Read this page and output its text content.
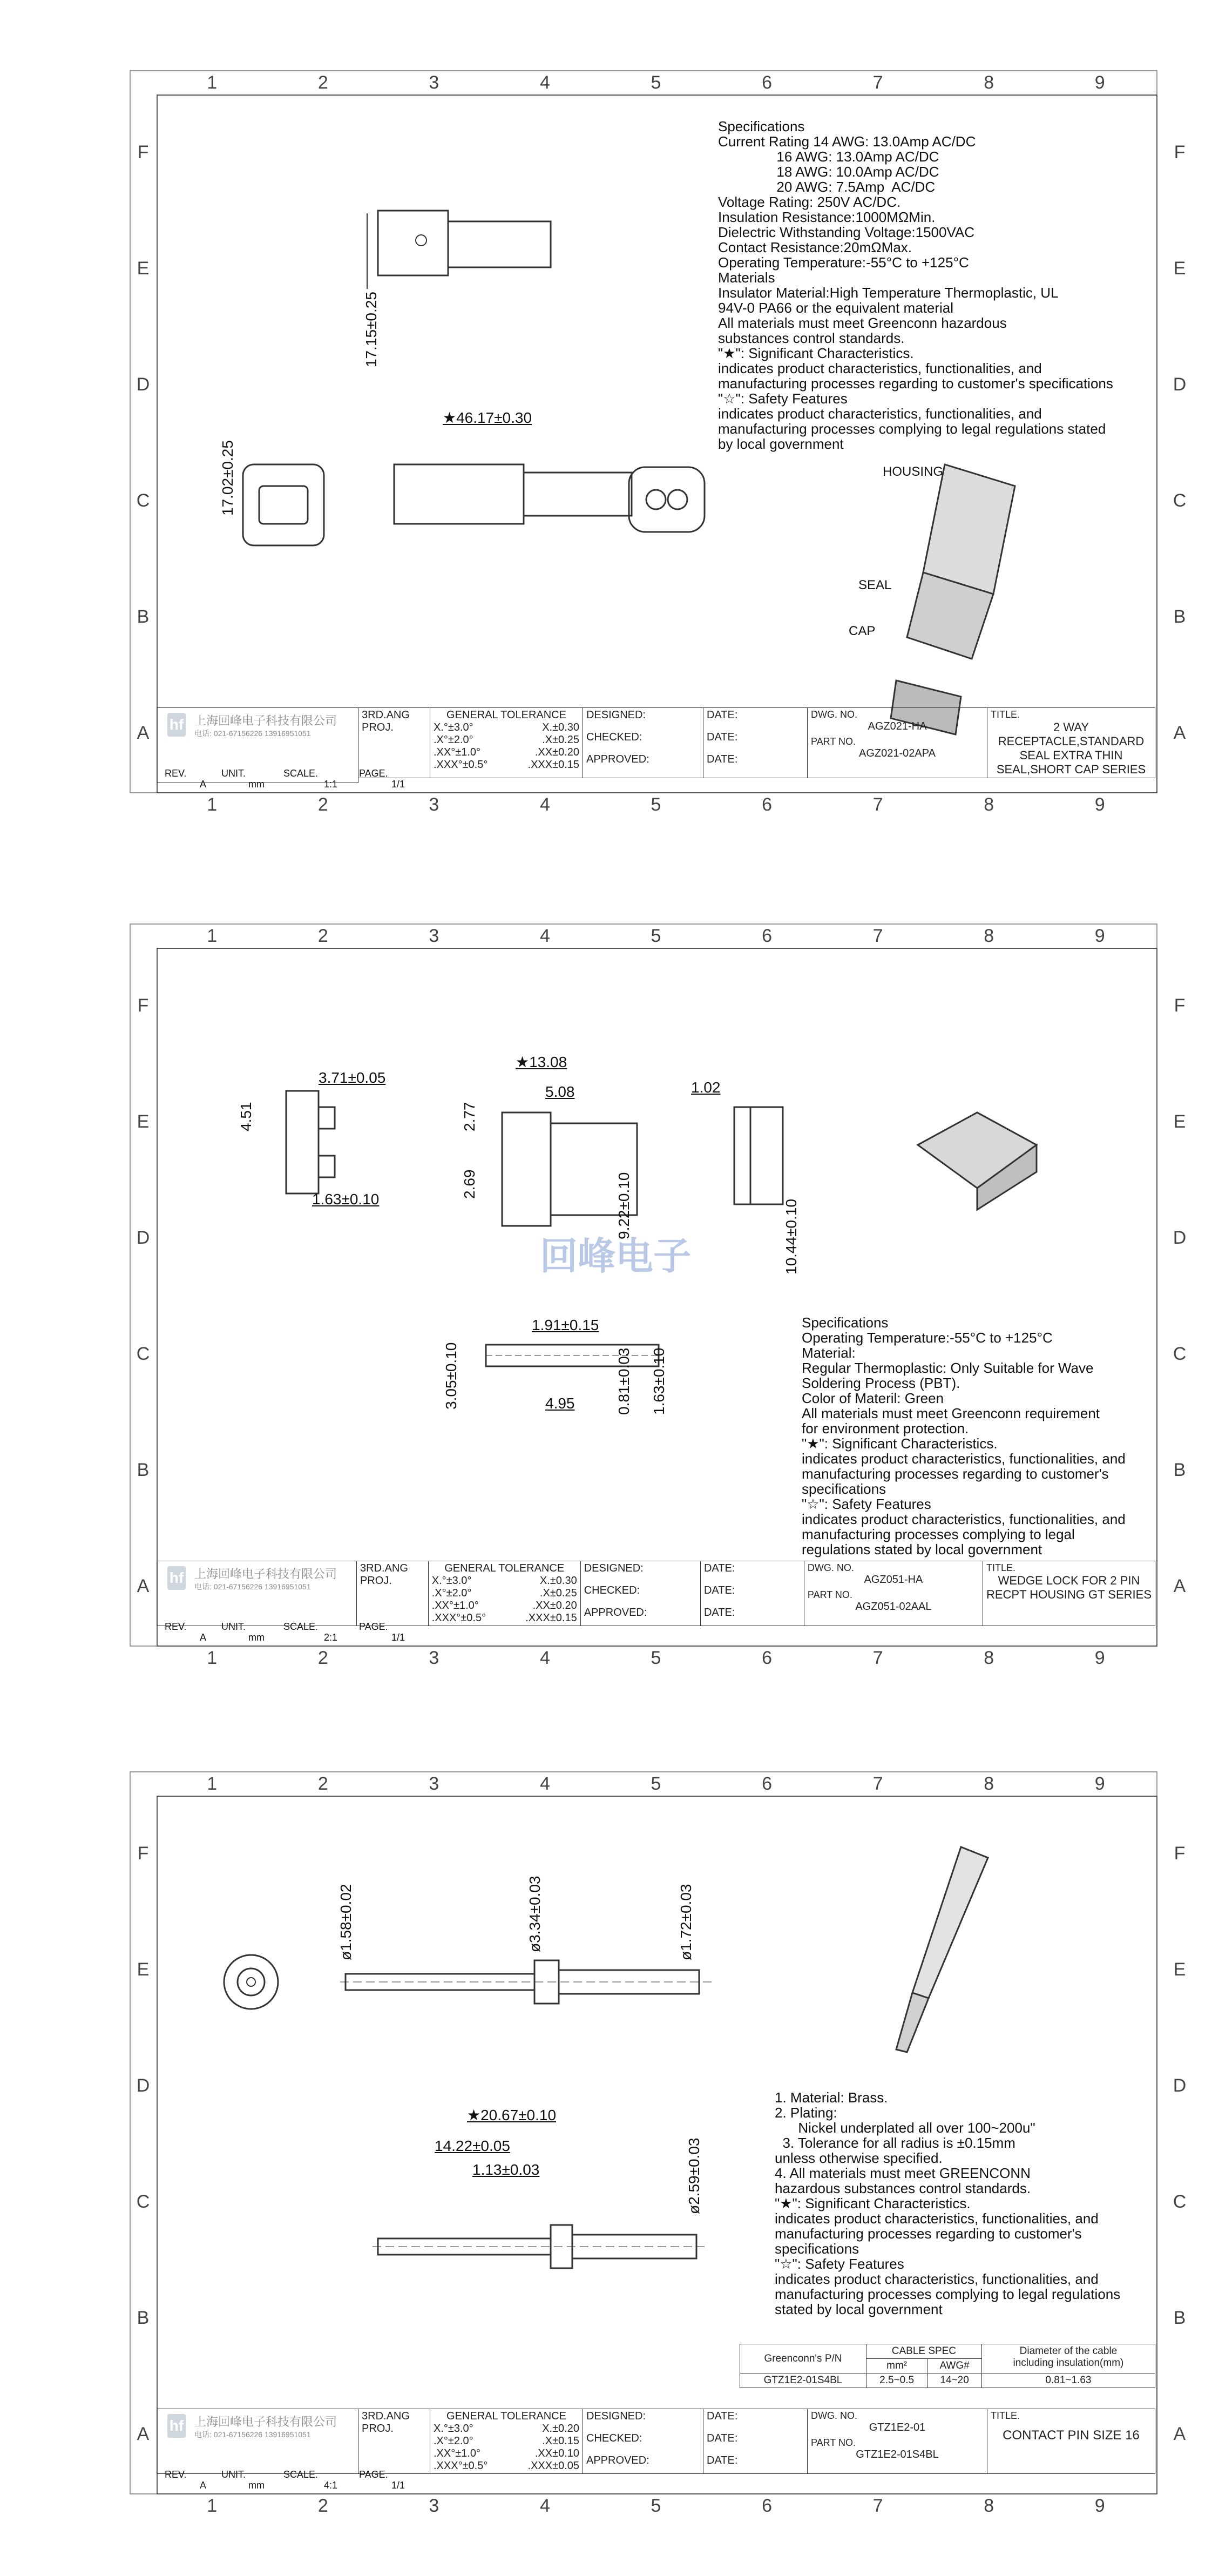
Specifications
Current Rating 14 AWG: 13.0Amp AC/DC
16 AWG: 13.0Amp AC/DC
18 AWG: 10.0Amp AC/DC
20 AWG: 7.5Amp  AC/DC
Voltage Rating: 250V AC/DC.
Insulation Resistance:1000MΩMin.
Dielectric Withstanding Voltage:1500VAC
Contact Resistance:20mΩMax.
Operating Temperature:-55°C to +125°C
Materials
Insulator Material:High Temperature Thermoplastic, UL
94V-0 PA66 or the equivalent material
All materials must meet Greenconn hazardous
substances control standards.
"★": Significant Characteristics.
indicates product characteristics, functionalities, and
manufacturing processes regarding to customer's specifications
"☆": Safety Features
indicates product characteristics, functionalities, and
manufacturing processes complying to legal regulations stated
by local government
17.15±0.25
17.02±0.25
★46.17±0.30
HOUSING
SEAL
CAP
hf 上海回峰电子科技有限公司
电话: 021-67156226 13916951051
	3RD.ANG
PROJ.	
GENERAL TOLERANCE
X.°±3.0°	X.±0.30
.X°±2.0°	.X±0.25
.XX°±1.0°	.XX±0.20
.XXX°±0.5°	.XXX±0.15

DESIGNED:
CHECKED:
APPROVED:

DATE:
DATE:
DATE:

DWG. NO.
AGZ021-HA
PART NO.
AGZ021-02APA

TITLE.
2 WAY
RECEPTACLE,STANDARD
SEAL EXTRA THIN
SEAL,SHORT CAP SERIES

REV.
A
UNIT.
mm
SCALE.
1:1
PAGE.
1/1
1
1
2
2
3
3
4
4
5
5
6
6
7
7
8
8
9
9
F	F
E	E
D	D
C	C
B	B
A	A
回峰电子
3.71±0.05
4.51
1.63±0.10
★13.08
5.08
2.77
2.69	9.22±0.10
1.02
10.44±0.10
1.91±0.15
3.05±0.10	4.95	0.81±0.03 1.63±0.10
Specifications
Operating Temperature:-55°C to +125°C
Material:
Regular Thermoplastic: Only Suitable for Wave
Soldering Process (PBT).
Color of Materil: Green
All materials must meet Greenconn requirement
for environment protection.
"★": Significant Characteristics.
indicates product characteristics, functionalities, and
manufacturing processes regarding to customer's
specifications
"☆": Safety Features
indicates product characteristics, functionalities, and
manufacturing processes complying to legal
regulations stated by local government
hf 上海回峰电子科技有限公司
电话: 021-67156226 13916951051
	3RD.ANG
PROJ.	
GENERAL TOLERANCE
X.°±3.0°	X.±0.30
.X°±2.0°	.X±0.25
.XX°±1.0°	.XX±0.20
.XXX°±0.5°	.XXX±0.15

DESIGNED:
CHECKED:
APPROVED:

DATE:
DATE:
DATE:

DWG. NO.
AGZ051-HA
PART NO.
AGZ051-02AAL

TITLE.
WEDGE LOCK FOR 2 PIN
RECPT HOUSING GT SERIES
REV.
A
UNIT.
mm
SCALE.
2:1
PAGE.
1/1
1
1
2
2
3
3
4
4
5
5
6
6
7
7
8
8
9
9
F	F
E	E
D	D
C	C
B	B
A	A
ø1.58±0.02	ø3.34±0.03	ø1.72±0.03
★20.67±0.10
14.22±0.05
1.13±0.03	ø2.59±0.03
1. Material: Brass.
2. Plating:
Nickel underplated all over 100~200u"
3. Tolerance for all radius is ±0.15mm
unless otherwise specified.
4. All materials must meet GREENCONN
hazardous substances control standards.
"★": Significant Characteristics.
indicates product characteristics, functionalities, and
manufacturing processes regarding to customer's
specifications
"☆": Safety Features
indicates product characteristics, functionalities, and
manufacturing processes complying to legal regulations
stated by local government
Greenconn's P/N	CABLE SPEC		Diameter of the cable
including insulation(mm)
	mm²	AWG#	
GTZ1E2-01S4BL	2.5~0.5	14~20	0.81~1.63
hf 上海回峰电子科技有限公司
电话: 021-67156226 13916951051
	3RD.ANG
PROJ.	
GENERAL TOLERANCE
X.°±3.0°	X.±0.20
.X°±2.0°	.X±0.15
.XX°±1.0°	.XX±0.10
.XXX°±0.5°	.XXX±0.05

DESIGNED:
CHECKED:
APPROVED:

DATE:
DATE:
DATE:

DWG. NO.
GTZ1E2-01
PART NO.
GTZ1E2-01S4BL

TITLE.
CONTACT PIN SIZE 16
REV.
A
UNIT.
mm
SCALE.
4:1
PAGE.
1/1
1
1
2
2
3
3
4
4
5
5
6
6
7
7
8
8
9
9
F	F
E	E
D	D
C	C
B	B
A	A
